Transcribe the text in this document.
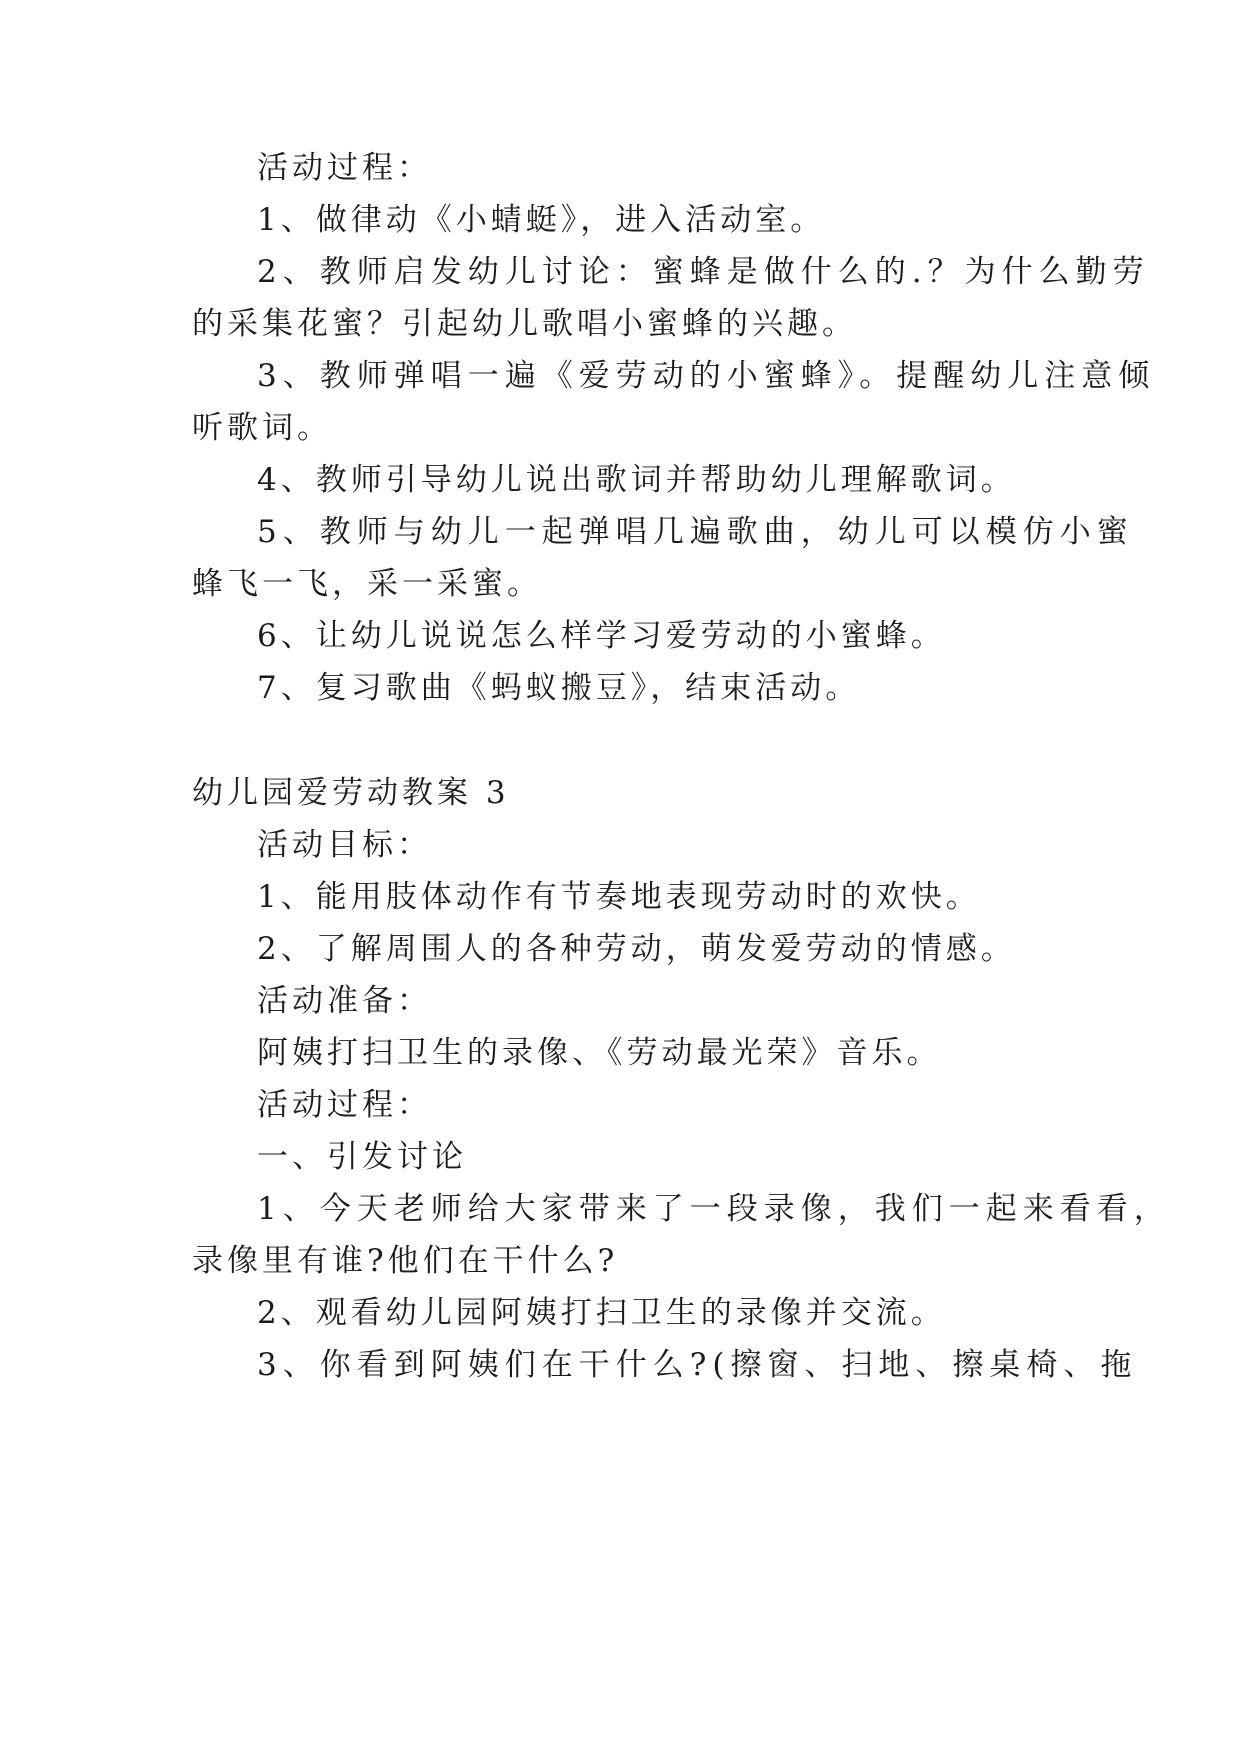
活动过程：
1、做律动《小蜻蜓》，进入活动室。
2、教师启发幼儿讨论：蜜蜂是做什么的.？为什么勤劳
的采集花蜜？引起幼儿歌唱小蜜蜂的兴趣。
3、教师弹唱一遍《爱劳动的小蜜蜂》。提醒幼儿注意倾
听歌词。
4、教师引导幼儿说出歌词并帮助幼儿理解歌词。
5、教师与幼儿一起弹唱几遍歌曲，幼儿可以模仿小蜜
蜂飞一飞，采一采蜜。
6、让幼儿说说怎么样学习爱劳动的小蜜蜂。
7、复习歌曲《蚂蚁搬豆》，结束活动。
幼儿园爱劳动教案 3
活动目标：
1、能用肢体动作有节奏地表现劳动时的欢快。
2、了解周围人的各种劳动，萌发爱劳动的情感。
活动准备：
阿姨打扫卫生的录像、《劳动最光荣》音乐。
活动过程：
一、引发讨论
1、今天老师给大家带来了一段录像，我们一起来看看，
录像里有谁?他们在干什么?
2、观看幼儿园阿姨打扫卫生的录像并交流。
3、你看到阿姨们在干什么?(擦窗、扫地、擦桌椅、拖
